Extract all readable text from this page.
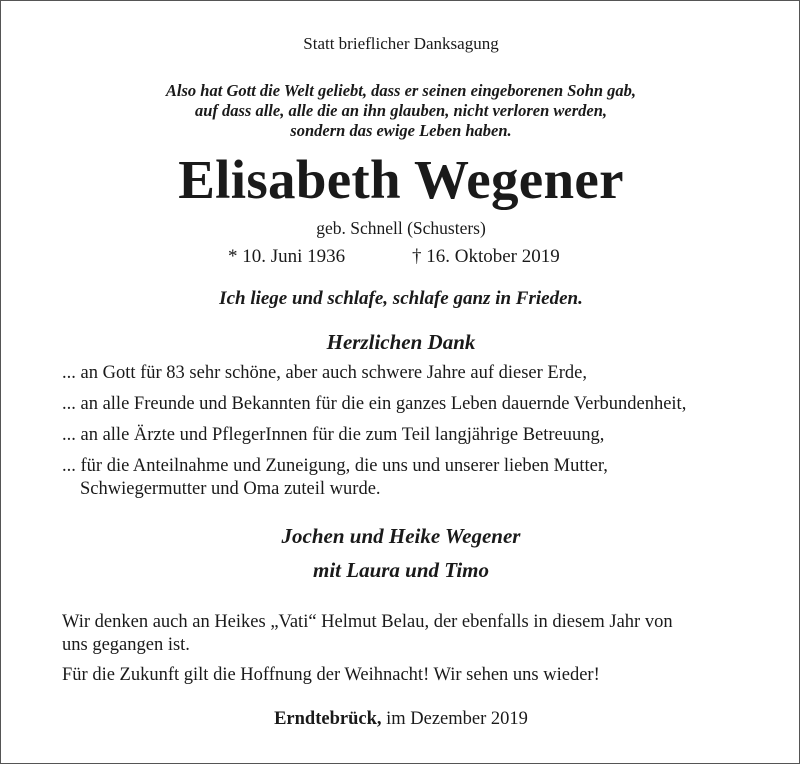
Statt brieflicher Danksagung
Also hat Gott die Welt geliebt, dass er seinen eingeborenen Sohn gab,
auf dass alle, alle die an ihn glauben, nicht verloren werden,
sondern das ewige Leben haben.
Elisabeth Wegener
geb. Schnell (Schusters)
* 10. Juni 1936	† 16. Oktober 2019
Ich liege und schlafe, schlafe ganz in Frieden.
Herzlichen Dank
... an Gott für 83 sehr schöne, aber auch schwere Jahre auf dieser Erde,
... an alle Freunde und Bekannten für die ein ganzes Leben dauernde Verbundenheit,
... an alle Ärzte und PflegerInnen für die zum Teil langjährige Betreuung,
... für die Anteilnahme und Zuneigung, die uns und unserer lieben Mutter,
Schwiegermutter und Oma zuteil wurde.
Jochen und Heike Wegener
mit Laura und Timo
Wir denken auch an Heikes „Vati“ Helmut Belau, der ebenfalls in diesem Jahr von
uns gegangen ist.
Für die Zukunft gilt die Hoffnung der Weihnacht! Wir sehen uns wieder!
Erndtebrück, im Dezember 2019
